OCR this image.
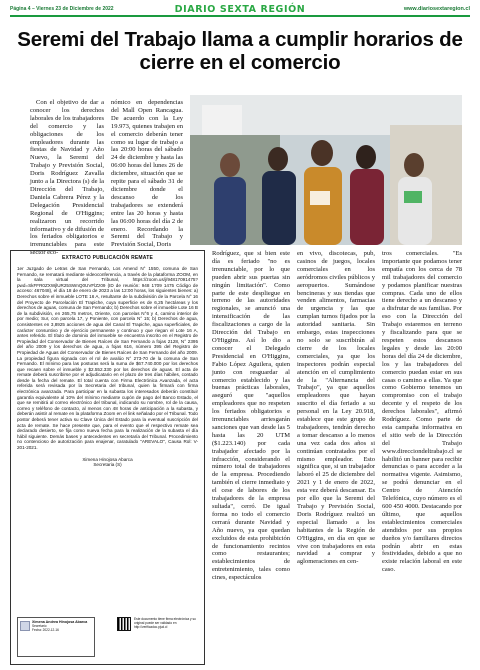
Página 4 – Viernes 23 de Diciembre de 2022	DIARIO SEXTA REGIÓN	www.diariosextaregion.cl
Seremi del Trabajo llama a cumplir horarios de cierre en el comercio
Con el objetivo de dar a conocer los derechos laborales de los trabajadores del comercio y las obligaciones de los empleadores durante las fiestas de Navidad y Año Nuevo, la Seremi del Trabajo y Previsión Social, Doris Rodríguez Zavalla junto a la Directora (s) de la Dirección del Trabajo, Daniela Cabrera Pérez y la Delegación Presidencial Regional de O'Higgins; realizaron un recorrido informativo y de difusión de los feriados obligatorios e irrenunciables para este sector eco-
nómico en dependencias del Mall Open Rancagua. De acuerdo con la Ley 19.973, quienes trabajen en el comercio deberán tener como su lugar de trabajo a las 20:00 horas del sábado 24 de diciembre y hasta las 06:00 horas del lunes 26 de diciembre, situación que se repite para el sábado 31 de diciembre donde el descanso de los trabajadores se extenderá entre las 20 horas y hasta las 06:00 horas del día 2 de enero. Recordando la Seremi del Trabajo y Previsión Social, Doris
EXTRACTO PUBLICACIÓN REMATE
1er Juzgado de Letras de San Fernando, Los Amend N° 1550, comuna de San Fernando, se rematará mediante videoconferencia, a través de la plataforma ZOOM, en la sala virtual del Tribunal, https://zoom.us/j/94817091475?pwd=SkFFR0ZXWjlUR25SWnQ0UVFlZz09 (ID de reunión: 948 1709 1475 Código de acceso: 467048), el día 18 de enero de 2023 a las 12:00 horas, los siguientes bienes: a) Derechos sobre el inmueble LOTE 16 A, resultante de la subdivisión de la Parcela N° 16 del Proyecto de Parcelación El Trapiche, cuya superficie es de 6,25 hectáreas y los derechos de aguas, comuna de San Fernando; b) Derechos sobre el inmueble Lote 16 B de la subdivisión, en 265,75 metros, Oriente, con parcelas N°6 y 4, camino interior de por medio; Sur, con parcela 17, y Poniente, con parcela N° 15; b) Derechos de agua, consistentes en 3,8925 acciones de agua del Canal El Trapiche, agua superficiales, de carácter consuntivo y de ejercicio permanente y continuo y que riegan el Lote 16 A, antes referido. El título de dominio del inmueble se encuentra inscrito en el Registro de Propiedad del Conservador de Bienes Raíces de San Fernando a fojas 2128, N° 2395 del año 2009 y los derechos de agua, a fojas 616, número 395 del Registro de Propiedad de Aguas del Conservador de Bienes Raíces de San Fernando del año 2009. La propiedad figura signada con el rol de avalúo N° 273-70 de la comuna de San Fernando. El mínimo para las posturas será la suma de $67.740.000 por los derechos que recaen sobre el inmueble y $2.552.330 por los derechos de aguas. El acta de remate deberá suscribirse por el adjudicatario en el plazo de tres días hábiles, contado desde la fecha del remate. El total cuenta con Firma Electrónica Avanzada, el acta referida será revisada por la Secretaria del tribunal, quien la firmará con firma electrónica avanzada. Para participar en la subasta los interesados deberán constituir garantía equivalente al 10% del mínimo mediante cupón de pago del Banco Estado, el que se remitirá al correo electrónico del tribunal, indicando su nombre, rol de la causa, correo y teléfono de contacto, al menos con 48 horas de anticipación a la subasta, y deberán asistir al remate en la plataforma Zoom en el link señalado por el Tribunal. Todo postor deberá tener activa su Clave Única del Estado para la eventual suscripción del acta de remate. Se hace presente que, para el evento que el respectivo remate sea declarado desierto, se fija como nueva fecha para la realización de la subasta el día hábil siguiente. Demás bases y antecedentes en secretaría del Tribunal. Procedimiento no contencioso de autorización para enajenar, caratulado "AREVALO", Causa Rol: V-201-2021.
Ximena Hinojosa Abarca
Secretaria (S)
Ximena Andrea Hinojosa Abarca
Secretario
Fecha: 2022-12-16
Este documento tiene firma electrónica y su original puede ser validado en http://verificadoc.pjud.cl
Rodríguez, que si bien este día es feriado "no es irrenunciable, por lo que pueden abrir sus puertas sin ningún limitación". Como parte de este despliegue en terreno de las autoridades regionales, se anunció una intensificación de las fiscalizaciones a cargo de la Dirección del Trabajo en O'Higgins. Así lo dio a conocer el Delegado Presidencial en O'Higgins, Fabio López Aguilera, quien junto con resguardar al comercio establecido y las buenas prácticas laborales, aseguró que "aquellos empleadores que no respeten los feriados obligatorios e irrenunciables arriesgarán sanciones que van desde las 5 hasta las 20 UTM ($1.223.140) por cada trabajador afectado por la infracción, considerando el número total de trabajadores de la empresa. Procediendo también el cierre inmediato y el cese de labores de los trabajadores de la empresa sultada", cerró. De igual forma no todo el comercio cerrará durante Navidad y Año nuevo, ya que quedan excluidos de esta prohibición de funcionamiento recintos como restaurantes; establecimientos de entretenimiento, tales como cines, espectáculos
en vivo, discotecas, pub, casinos de juegos, locales comerciales en los aeródromos civiles públicos y aeropuertos. Sumándose bencineras y sus tiendas que venden alimentos, farmacias de urgencia y las que cumplan turnos fijados por la autoridad sanitaria. Sin embargo, estas inspecciones no solo se suscribirán al cierre de los locales comerciales, ya que los inspectores podrán especial atención en el cumplimiento de la "Alternancia del Trabajo", ya que aquellos empleadores que hayan suscrito el día feriado a su personal en la Ley 20.918, establece que este grupo de trabajadores, tendrán derecho a tomar descanso a lo menos una vez cada dos años si continúan contratados por el mismo empleador. Esto significa que, si un trabajador laboró el 25 de diciembre del 2021 y 1 de enero de 2022, esta vez deberá descansar. Es por ello que la Seremi del Trabajo y Previsión Social, Doris Rodríguez realizó un especial llamado a los habitantes de la Región de O'Higgins, en día en que se vive con trabajadores en esta navidad a comprar y aglomeraciones en cen-
tros comerciales. "Es importante que podamos tener empatía con los cerca de 78 mil trabajadores del comercio y podamos planificar nuestras compras. Cada uno de ellos tiene derecho a un descanso y a disfrutar de sus familias. Por eso con la Dirección del Trabajo estaremos en terreno y fiscalizando para que se respeten estos descansos legales y desde las 20:00 horas del día 24 de diciembre, los y las trabajadores del comercio puedan estar en sus casas o camino a ellas. Ya que como Gobierno tenemos un compromiso con el trabajo decente y el respeto de los derechos laborales", afirmó Rodríguez. Como parte de esta campaña informativa en el sitio web de la Dirección del Trabajo www.direcciondeltrabajo.cl se habilitó un banner para recibir denuncias o para acceder a la normativa vigente. Asimismo, se podrá denunciar en el Centro de Atención Telefónica, cuyo número es el 600 450 4000. Destacando por último, que aquellos establecimientos comerciales atendidos por sus propios dueños y/o familiares directos podrán abrir en estas festividades, debido a que no existe relación laboral en este caso.
